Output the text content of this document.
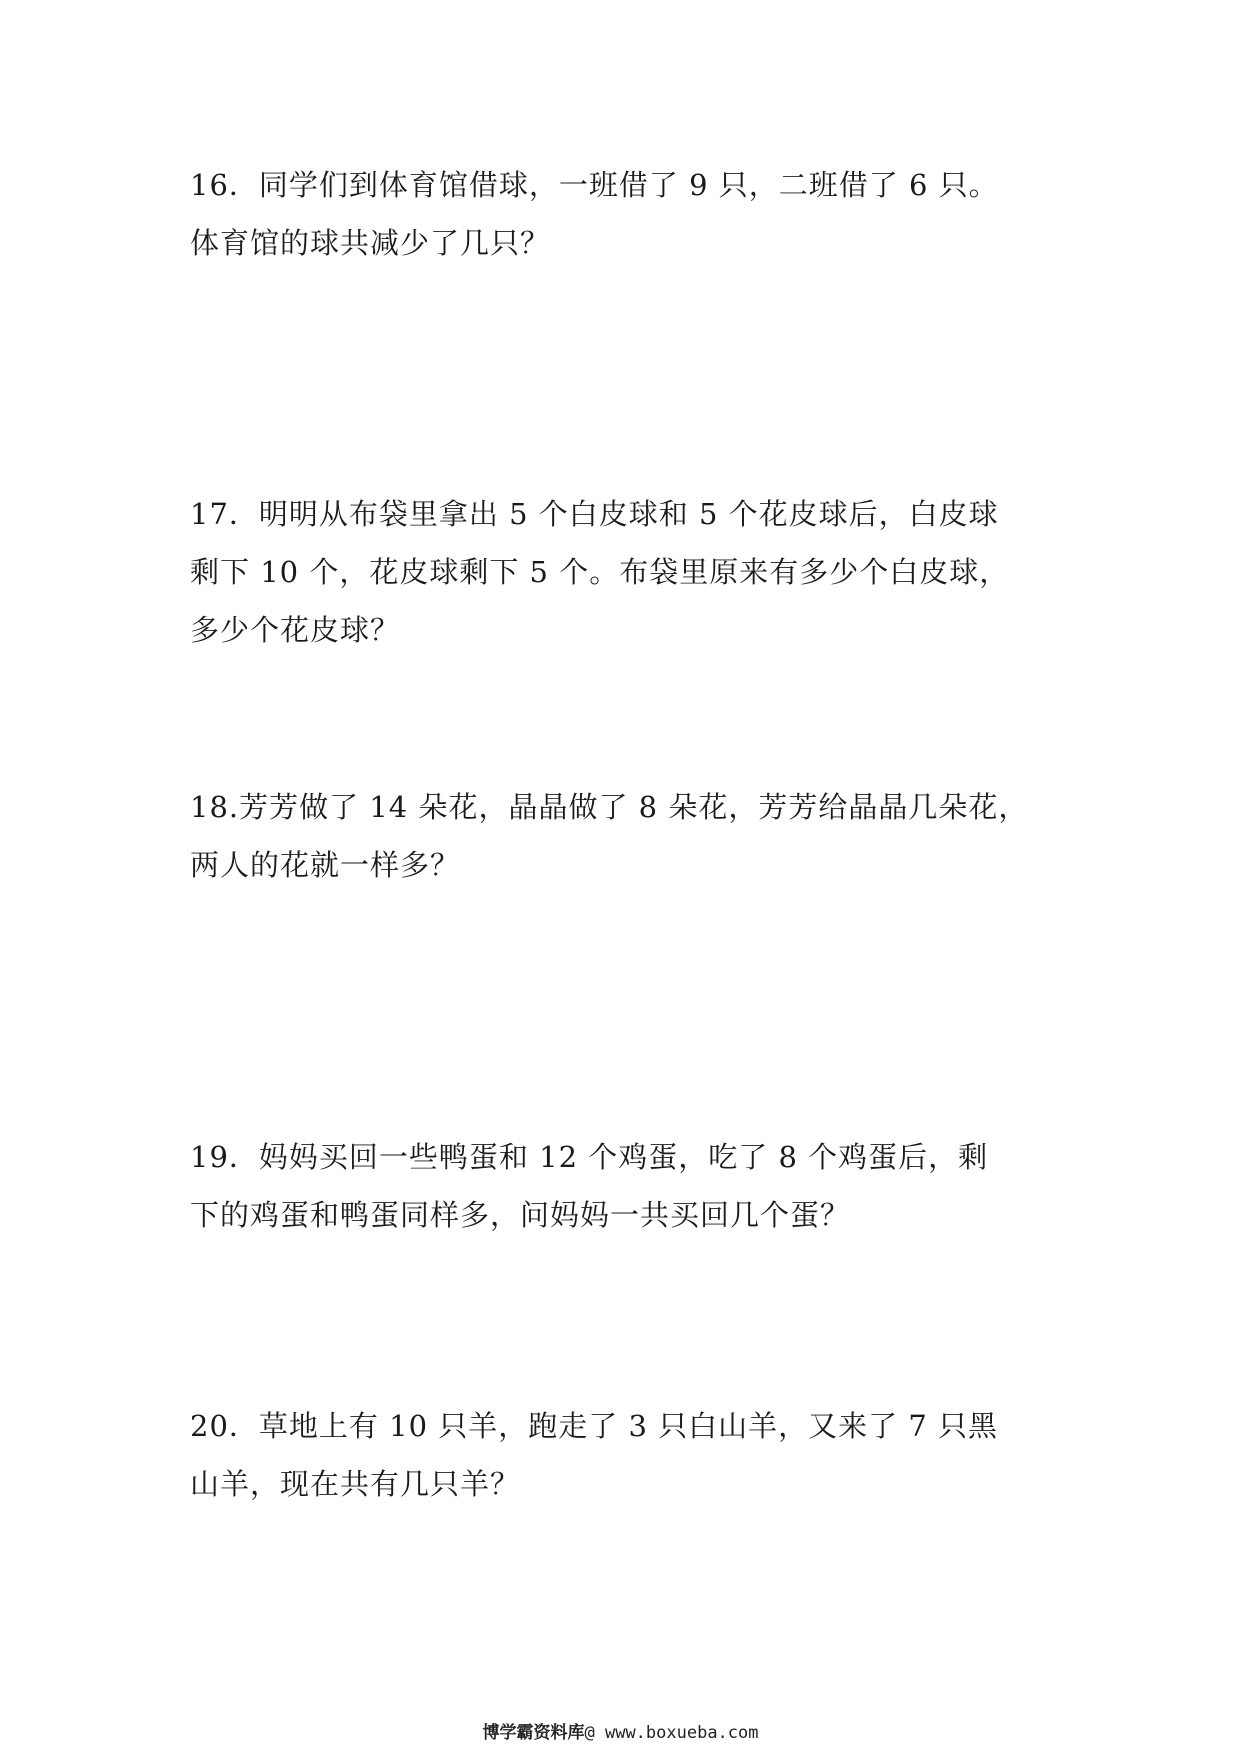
16．同学们到体育馆借球，一班借了 9 只，二班借了 6 只。
体育馆的球共减少了几只？
17．明明从布袋里拿出 5 个白皮球和 5 个花皮球后，白皮球
剩下 10 个，花皮球剩下 5 个。布袋里原来有多少个白皮球，
多少个花皮球？
18.芳芳做了 14 朵花，晶晶做了 8 朵花，芳芳给晶晶几朵花，
两人的花就一样多？
19．妈妈买回一些鸭蛋和 12 个鸡蛋，吃了 8 个鸡蛋后，剩
下的鸡蛋和鸭蛋同样多，问妈妈一共买回几个蛋？
20．草地上有 10 只羊，跑走了 3 只白山羊，又来了 7 只黑
山羊，现在共有几只羊？
博学霸资料库@ www.boxueba.com
